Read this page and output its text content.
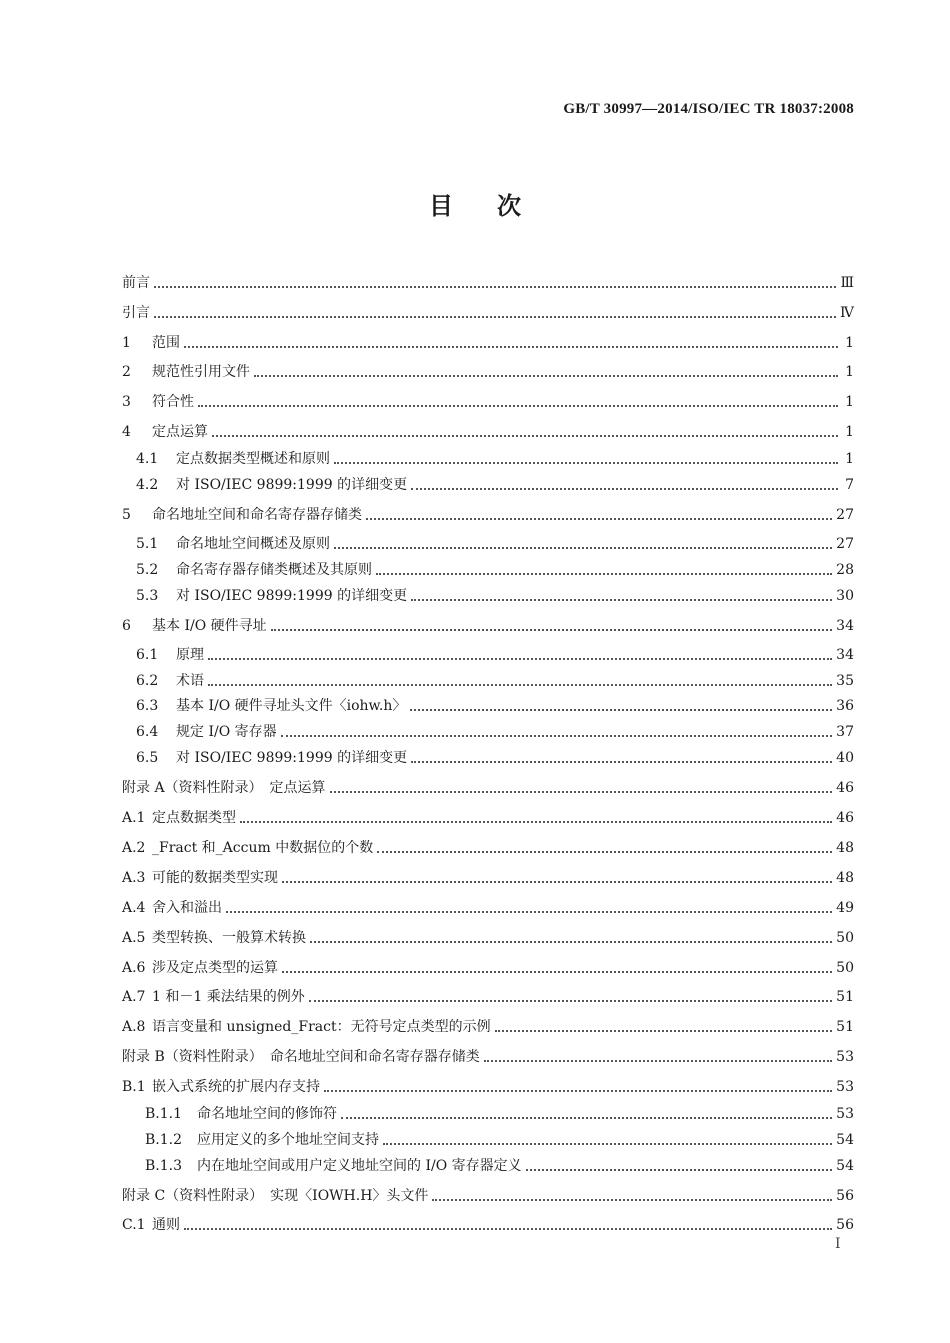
GB/T 30997—2014/ISO/IEC TR 18037:2008
目次
前言	Ⅲ
引言	Ⅳ
1	范围	1
2	规范性引用文件	1
3	符合性	1
4	定点运算	1
4.1	定点数据类型概述和原则	1
4.2	对 ISO/IEC 9899:1999 的详细变更	7
5	命名地址空间和命名寄存器存储类	27
5.1	命名地址空间概述及原则	27
5.2	命名寄存器存储类概述及其原则	28
5.3	对 ISO/IEC 9899:1999 的详细变更	30
6	基本 I/O 硬件寻址	34
6.1	原理	34
6.2	术语	35
6.3	基本 I/O 硬件寻址头文件〈iohw.h〉	36
6.4	规定 I/O 寄存器	37
6.5	对 ISO/IEC 9899:1999 的详细变更	40
附录 A（资料性附录）　定点运算	46
A.1 定点数据类型	46
A.2 _Fract 和_Accum 中数据位的个数	48
A.3 可能的数据类型实现	48
A.4 舍入和溢出	49
A.5 类型转换、一般算术转换	50
A.6 涉及定点类型的运算	50
A.7 1 和－1 乘法结果的例外	51
A.8 语言变量和 unsigned_Fract：无符号定点类型的示例	51
附录 B（资料性附录）　命名地址空间和命名寄存器存储类	53
B.1 嵌入式系统的扩展内存支持	53
B.1.1	命名地址空间的修饰符	53
B.1.2	应用定义的多个地址空间支持	54
B.1.3	内在地址空间或用户定义地址空间的 I/O 寄存器定义	54
附录 C（资料性附录）　实现〈IOWH.H〉头文件	56
C.1 通则	56
I
